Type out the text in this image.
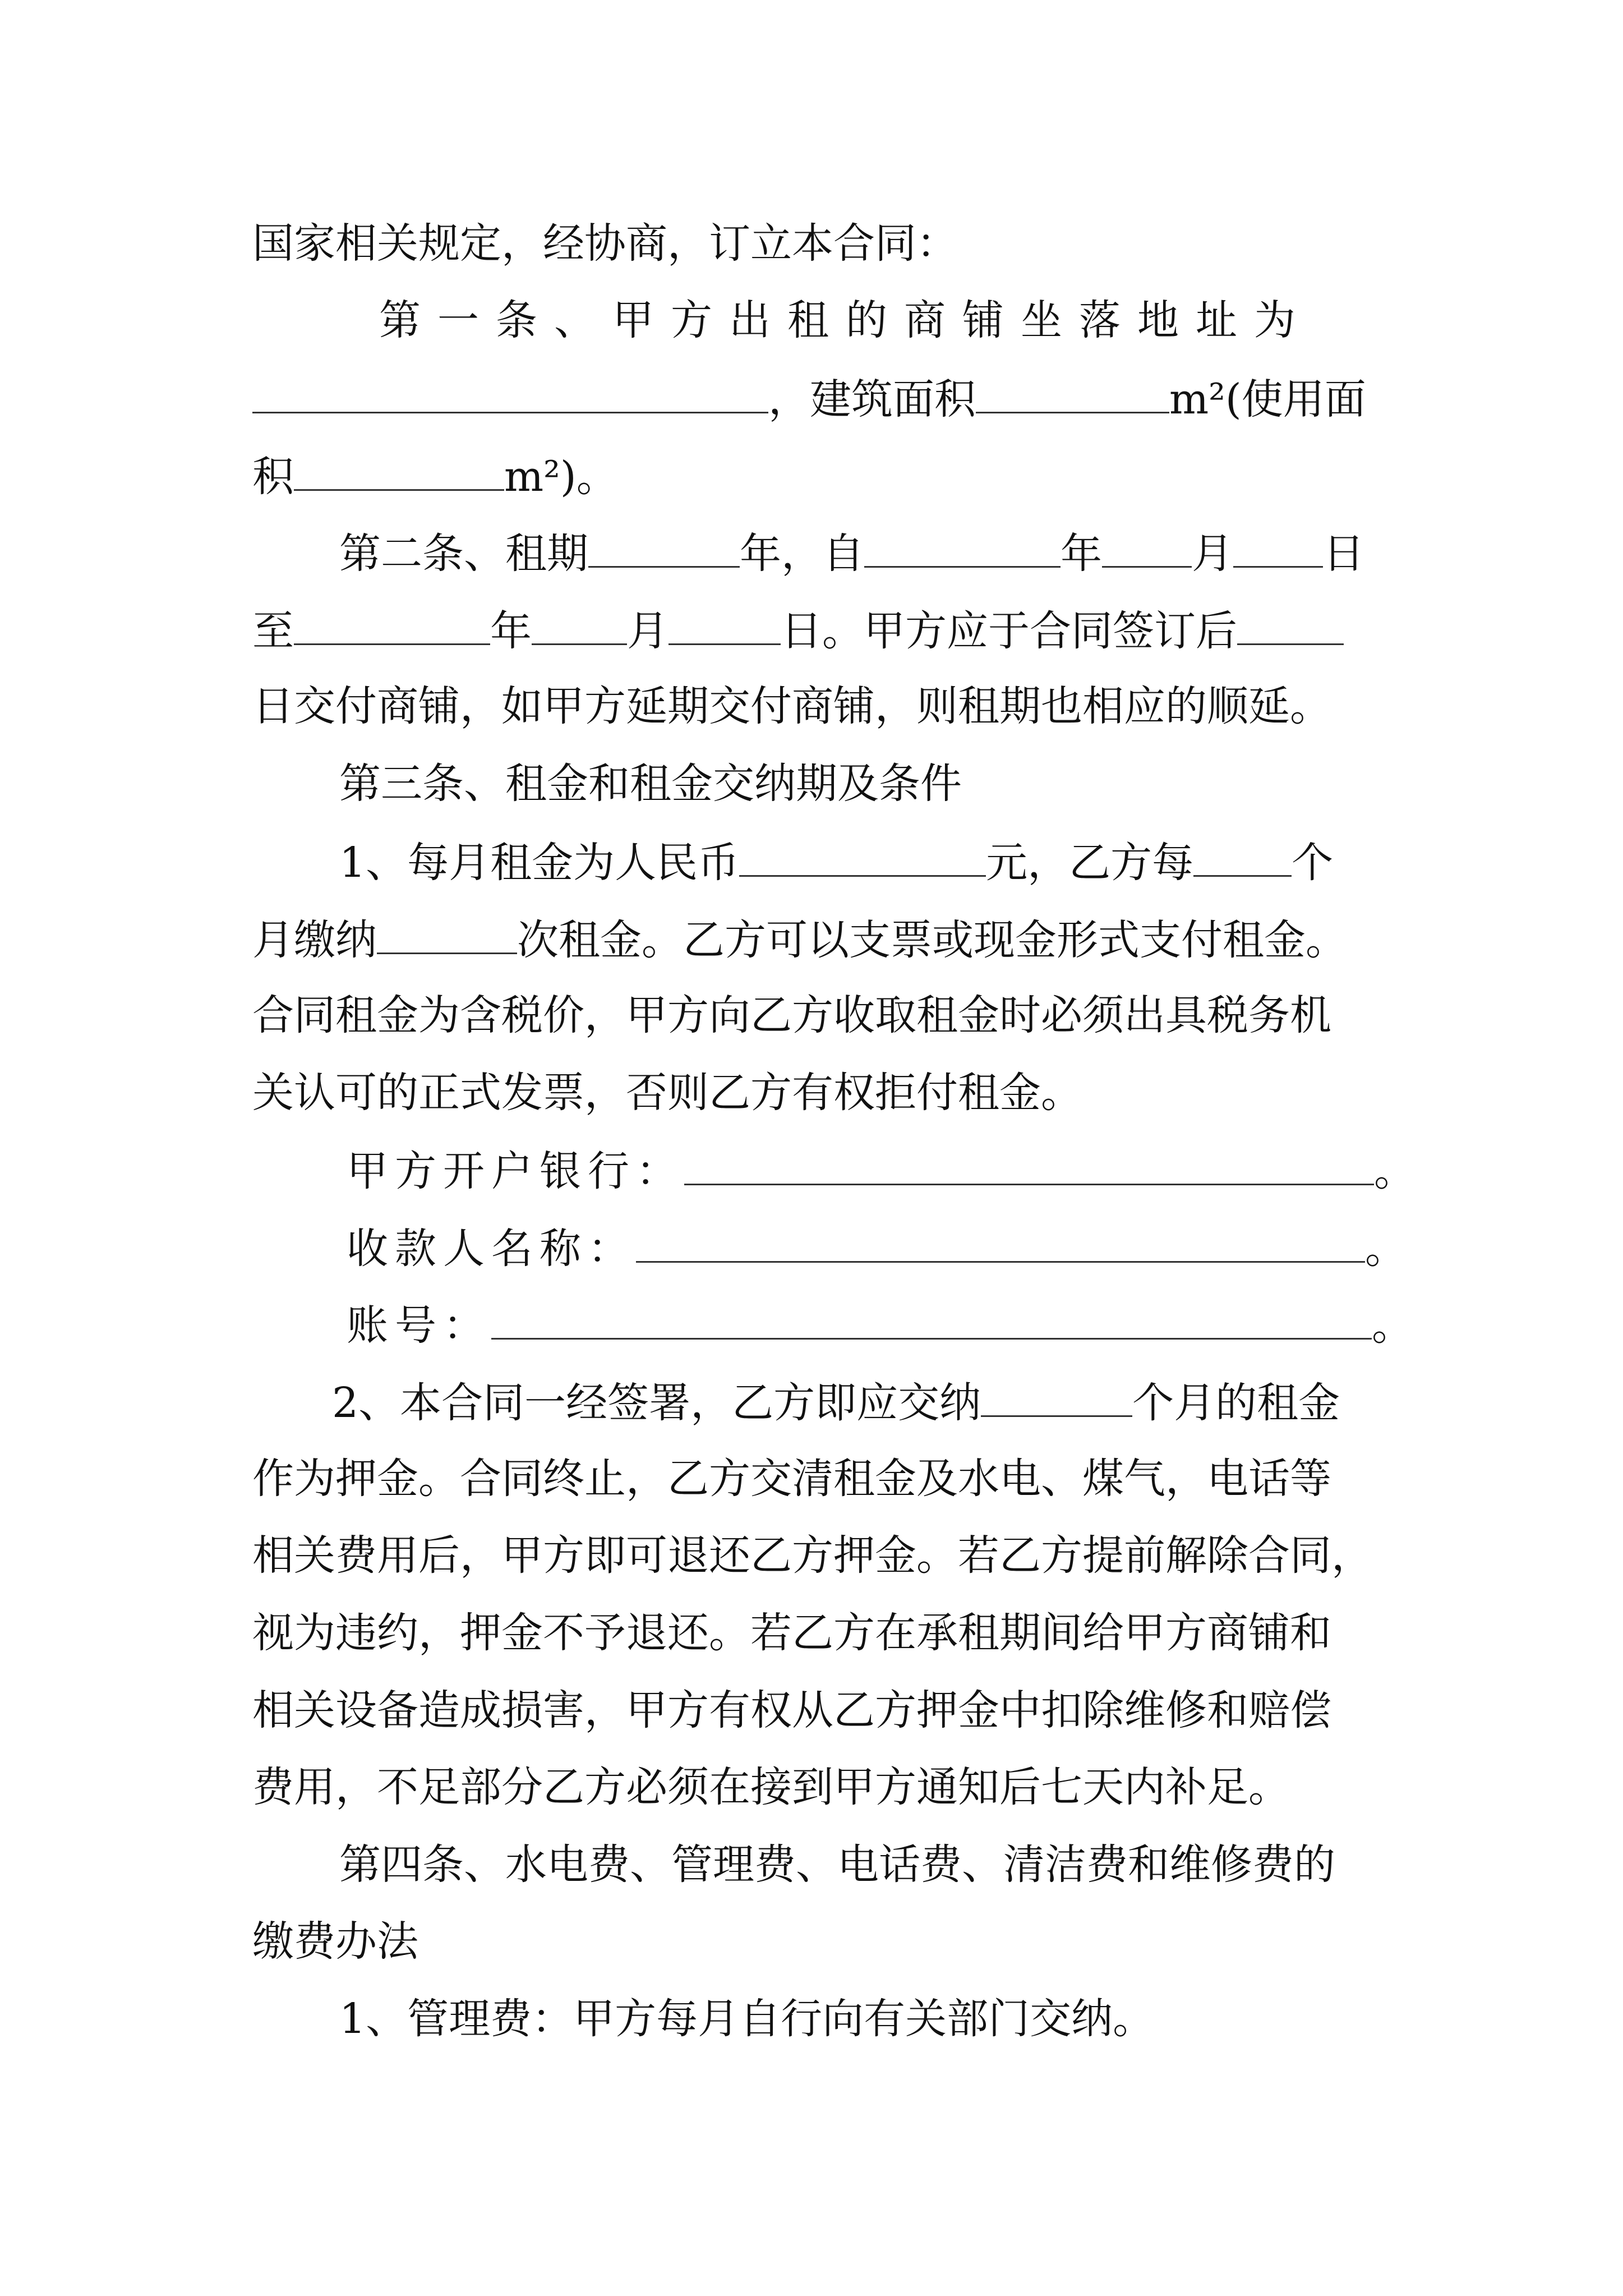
国家相关规定，经协商，订立本合同：
第一条、甲方出租的商铺坐落地址为
，建筑面积	m²(使用面
积	m²)。
第二条、租期	年，自	年 月 日
至	年 月	日。甲方应于合同签订后
日交付商铺，如甲方延期交付商铺，则租期也相应的顺延。
第三条、租金和租金交纳期及条件
1、每月租金为人民币	元，乙方每 个
月缴纳	次租金。乙方可以支票或现金形式支付租金。
合同租金为含税价，甲方向乙方收取租金时必须出具税务机
关认可的正式发票，否则乙方有权拒付租金。
甲方开户银行：	。
收款人名称：	。
账号：	。
2、本合同一经签署，乙方即应交纳	个月的租金
作为押金。合同终止，乙方交清租金及水电、煤气，电话等
相关费用后，甲方即可退还乙方押金。若乙方提前解除合同，
视为违约，押金不予退还。若乙方在承租期间给甲方商铺和
相关设备造成损害，甲方有权从乙方押金中扣除维修和赔偿
费用，不足部分乙方必须在接到甲方通知后七天内补足。
第四条、水电费、管理费、电话费、清洁费和维修费的
缴费办法
1、管理费：甲方每月自行向有关部门交纳。
